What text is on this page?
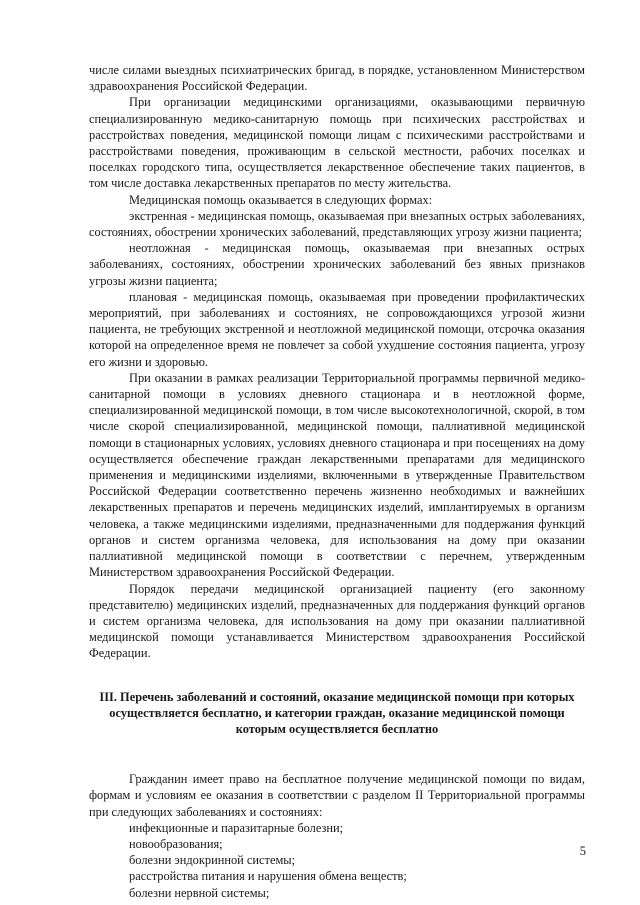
числе силами выездных психиатрических бригад, в порядке, установленном Министерством здравоохранения Российской Федерации.

При организации медицинскими организациями, оказывающими первичную специализированную медико-санитарную помощь при психических расстройствах и расстройствах поведения, медицинской помощи лицам с психическими расстройствами и расстройствами поведения, проживающим в сельской местности, рабочих поселках и поселках городского типа, осуществляется лекарственное обеспечение таких пациентов, в том числе доставка лекарственных препаратов по месту жительства.

Медицинская помощь оказывается в следующих формах:

экстренная - медицинская помощь, оказываемая при внезапных острых заболеваниях, состояниях, обострении хронических заболеваний, представляющих угрозу жизни пациента;

неотложная - медицинская помощь, оказываемая при внезапных острых заболеваниях, состояниях, обострении хронических заболеваний без явных признаков угрозы жизни пациента;

плановая - медицинская помощь, оказываемая при проведении профилактических мероприятий, при заболеваниях и состояниях, не сопровождающихся угрозой жизни пациента, не требующих экстренной и неотложной медицинской помощи, отсрочка оказания которой на определенное время не повлечет за собой ухудшение состояния пациента, угрозу его жизни и здоровью.

При оказании в рамках реализации Территориальной программы первичной медико-санитарной помощи в условиях дневного стационара и в неотложной форме, специализированной медицинской помощи, в том числе высокотехнологичной, скорой, в том числе скорой специализированной, медицинской помощи, паллиативной медицинской помощи в стационарных условиях, условиях дневного стационара и при посещениях на дому осуществляется обеспечение граждан лекарственными препаратами для медицинского применения и медицинскими изделиями, включенными в утвержденные Правительством Российской Федерации соответственно перечень жизненно необходимых и важнейших лекарственных препаратов и перечень медицинских изделий, имплантируемых в организм человека, а также медицинскими изделиями, предназначенными для поддержания функций органов и систем организма человека, для использования на дому при оказании паллиативной медицинской помощи в соответствии с перечнем, утвержденным Министерством здравоохранения Российской Федерации.

Порядок передачи медицинской организацией пациенту (его законному представителю) медицинских изделий, предназначенных для поддержания функций органов и систем организма человека, для использования на дому при оказании паллиативной медицинской помощи устанавливается Министерством здравоохранения Российской Федерации.

III. Перечень заболеваний и состояний, оказание медицинской помощи при которых осуществляется бесплатно, и категории граждан, оказание медицинской помощи которым осуществляется бесплатно

Гражданин имеет право на бесплатное получение медицинской помощи по видам, формам и условиям ее оказания в соответствии с разделом II Территориальной программы при следующих заболеваниях и состояниях:

инфекционные и паразитарные болезни;

новообразования;

болезни эндокринной системы;

расстройства питания и нарушения обмена веществ;

болезни нервной системы;

5
